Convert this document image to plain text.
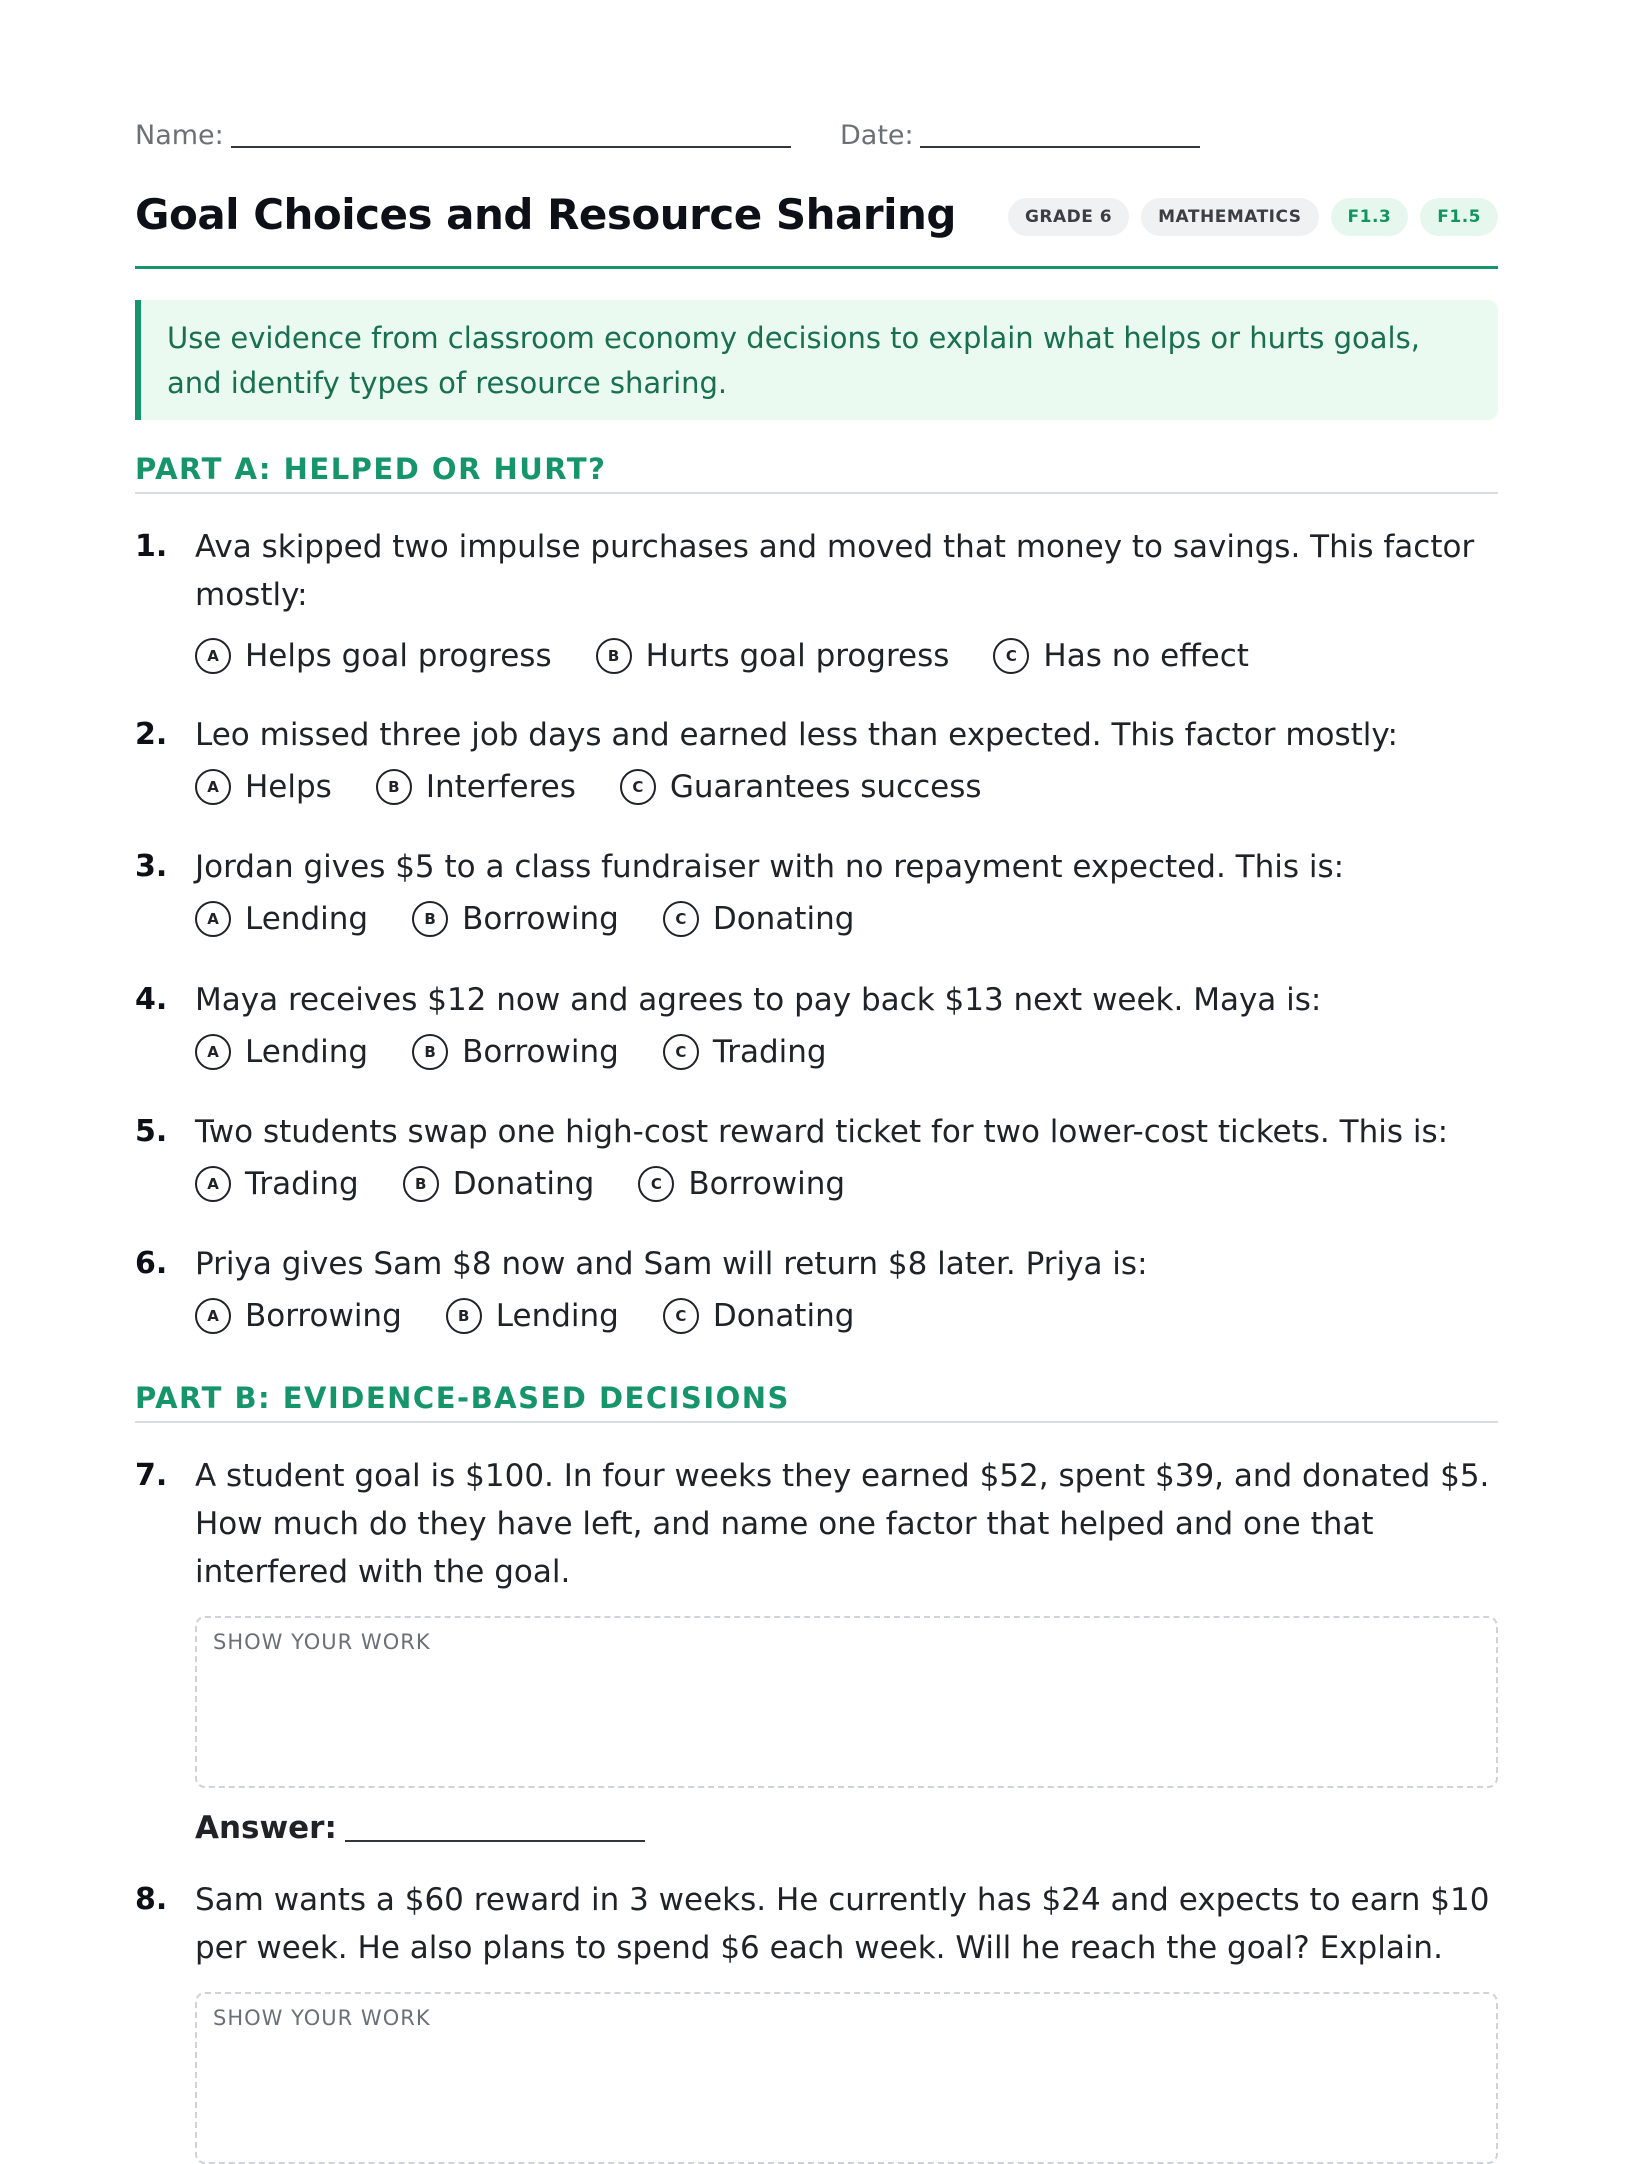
Name:	Date:
Goal Choices and Resource Sharing	GRADE 6	MATHEMATICS	F1.3	F1.5
Use evidence from classroom economy decisions to explain what helps or hurts goals, and identify types of resource sharing.
PART A: HELPED OR HURT?
1. Ava skipped two impulse purchases and moved that money to savings. This factor mostly:
A Helps goal progress	B Hurts goal progress	C Has no effect
2. Leo missed three job days and earned less than expected. This factor mostly:
A Helps	B Interferes	C Guarantees success
3. Jordan gives $5 to a class fundraiser with no repayment expected. This is:
A Lending	B Borrowing	C Donating
4. Maya receives $12 now and agrees to pay back $13 next week. Maya is:
A Lending	B Borrowing	C Trading
5. Two students swap one high-cost reward ticket for two lower-cost tickets. This is:
A Trading	B Donating	C Borrowing
6. Priya gives Sam $8 now and Sam will return $8 later. Priya is:
A Borrowing	B Lending	C Donating
PART B: EVIDENCE-BASED DECISIONS
7. A student goal is $100. In four weeks they earned $52, spent $39, and donated $5. How much do they have left, and name one factor that helped and one that interfered with the goal.
SHOW YOUR WORK
Answer:
8. Sam wants a $60 reward in 3 weeks. He currently has $24 and expects to earn $10 per week. He also plans to spend $6 each week. Will he reach the goal? Explain.
SHOW YOUR WORK
